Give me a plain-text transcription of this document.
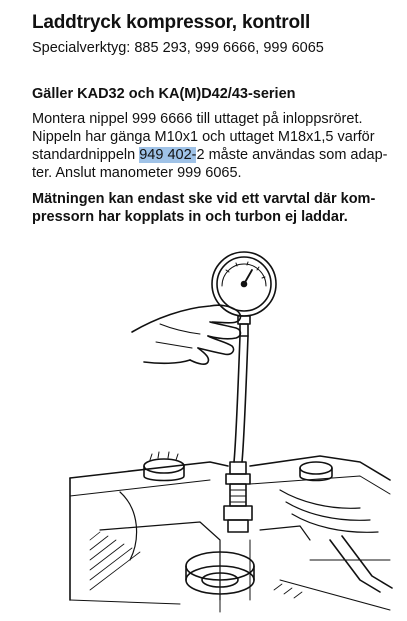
Laddtryck kompressor, kontroll
Specialverktyg: 885 293, 999 6666, 999 6065
Gäller KAD32 och KA(M)D42/43-serien
Montera nippel 999 6666 till uttaget på inloppsröret.
Nippeln har gänga M10x1 och uttaget M18x1,5 varför
standardnippeln 949 402-2 måste användas som adap-
ter. Anslut manometer 999 6065.
Mätningen kan endast ske vid ett varvtal där kom-
pressorn har kopplats in och turbon ej laddar.
